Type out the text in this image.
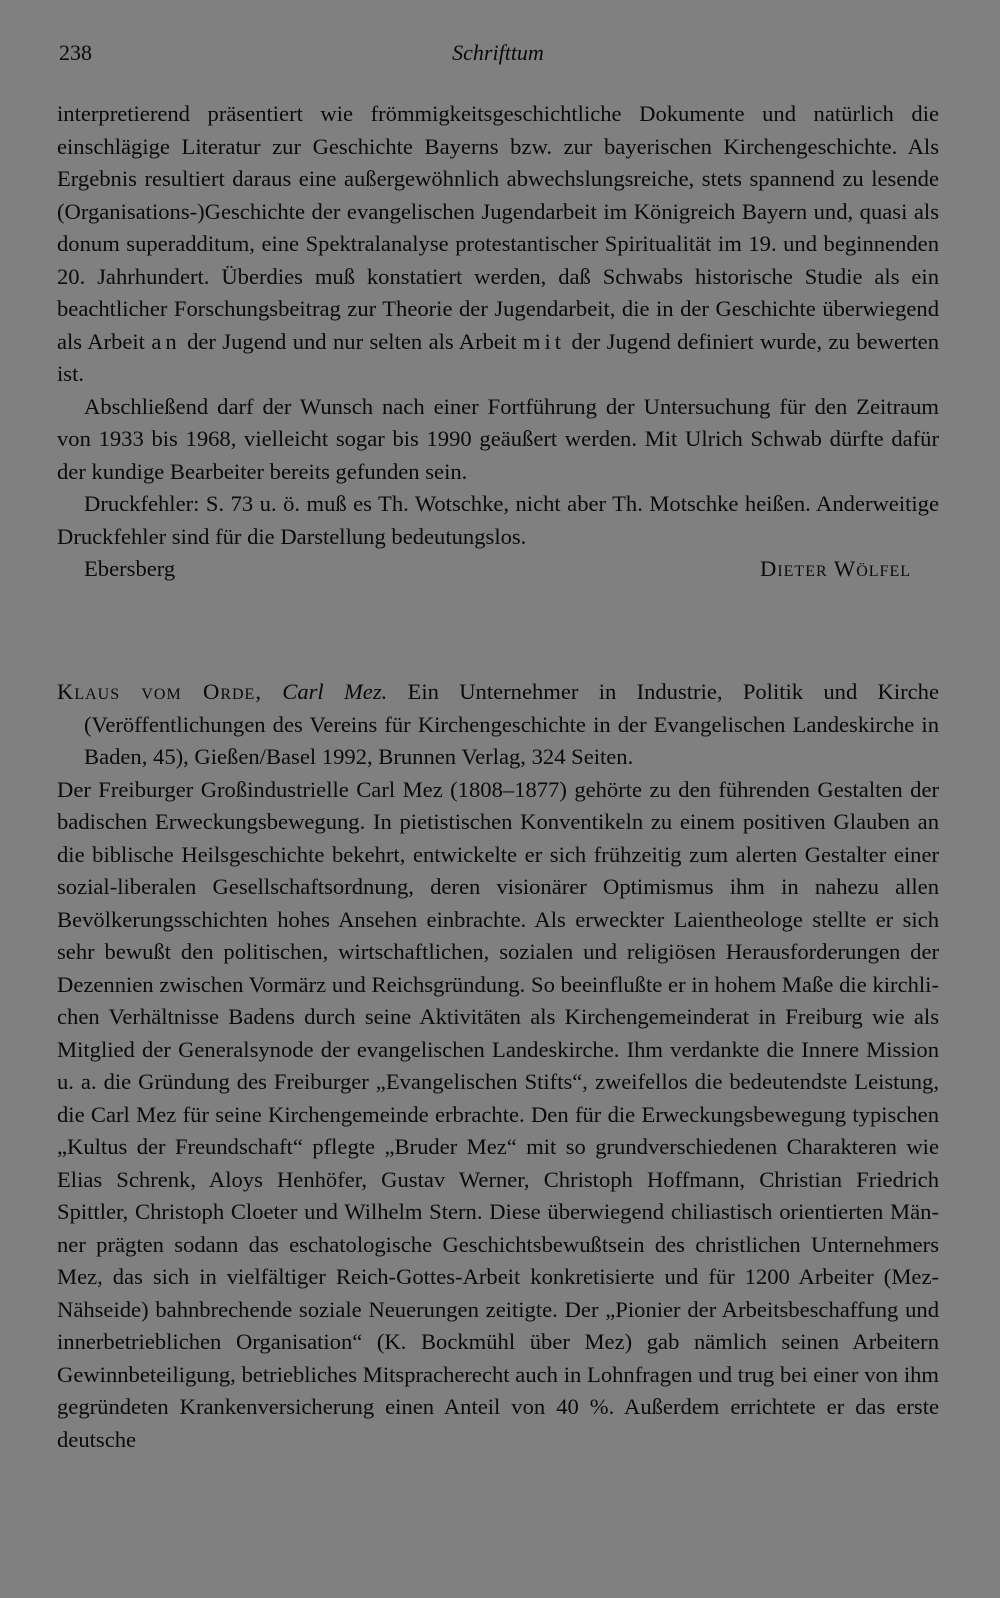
238	Schrifttum

interpretierend präsentiert wie frömmigkeitsgeschichtliche Dokumente und natürlich die einschlägige Literatur zur Geschichte Bayerns bzw. zur bayerischen Kirchengeschichte. Als Ergebnis resultiert daraus eine außergewöhnlich abwechslungsreiche, stets spannend zu lesende (Organisations-)Geschichte der evangelischen Jugendarbeit im Königreich Bayern und, quasi als donum superadditum, eine Spektralanalyse protestantischer Spiritualität im 19. und beginnenden 20. Jahrhundert. Überdies muß konstatiert werden, daß Schwabs historische Studie als ein beachtlicher Forschungsbeitrag zur Theorie der Jugendarbeit, die in der Geschichte überwiegend als Arbeit an der Jugend und nur selten als Arbeit mit der Jugend definiert wurde, zu bewerten ist.

Abschließend darf der Wunsch nach einer Fortführung der Untersuchung für den Zeitraum von 1933 bis 1968, vielleicht sogar bis 1990 geäußert werden. Mit Ulrich Schwab dürfte dafür der kundige Bearbeiter bereits gefunden sein.

Druckfehler: S. 73 u. ö. muß es Th. Wotschke, nicht aber Th. Motschke heißen. Anderweitige Druckfehler sind für die Darstellung bedeutungslos.

Ebersberg	Dieter Wölfel

Klaus vom Orde, Carl Mez. Ein Unternehmer in Industrie, Politik und Kirche (Veröffentlichungen des Vereins für Kirchengeschichte in der Evangelischen Landeskirche in Baden, 45), Gießen/Basel 1992, Brunnen Verlag, 324 Seiten.

Der Freiburger Großindustrielle Carl Mez (1808–1877) gehörte zu den führenden Gestalten der badischen Erweckungsbewegung. In pietistischen Konventikeln zu einem positiven Glauben an die biblische Heilsgeschichte bekehrt, entwickelte er sich frühzeitig zum alerten Gestalter einer sozial-liberalen Gesellschaftsordnung, deren visionärer Optimismus ihm in nahezu allen Bevölkerungsschichten hohes Ansehen einbrachte. Als erweckter Laientheologe stellte er sich sehr bewußt den politischen, wirtschaftlichen, sozialen und religiösen Herausforderungen der Dezennien zwischen Vormärz und Reichsgründung. So beeinflußte er in hohem Maße die kirchlichen Verhältnisse Badens durch seine Aktivitäten als Kirchengemeinderat in Freiburg wie als Mitglied der Generalsynode der evangelischen Landeskirche. Ihm verdankte die Innere Mission u. a. die Gründung des Freiburger „Evangelischen Stifts“, zweifellos die bedeutendste Leistung, die Carl Mez für seine Kirchengemeinde erbrachte. Den für die Erweckungsbewegung typischen „Kultus der Freundschaft“ pflegte „Bruder Mez“ mit so grundverschiedenen Charakteren wie Elias Schrenk, Aloys Henhöfer, Gustav Werner, Christoph Hoffmann, Christian Friedrich Spittler, Christoph Cloeter und Wilhelm Stern. Diese überwiegend chiliastisch orientierten Männer prägten sodann das eschatologische Geschichtsbewußtsein des christlichen Unternehmers Mez, das sich in vielfältiger Reich-Gottes-Arbeit konkretisierte und für 1200 Arbeiter (Mez-Nähseide) bahnbrechende soziale Neuerungen zeitigte. Der „Pionier der Arbeitsbeschaffung und innerbetrieblichen Organisation“ (K. Bockmühl über Mez) gab nämlich seinen Arbeitern Gewinnbeteiligung, betriebliches Mitspracherecht auch in Lohnfragen und trug bei einer von ihm gegründeten Krankenversicherung einen Anteil von 40 %. Außerdem errichtete er das erste deutsche
